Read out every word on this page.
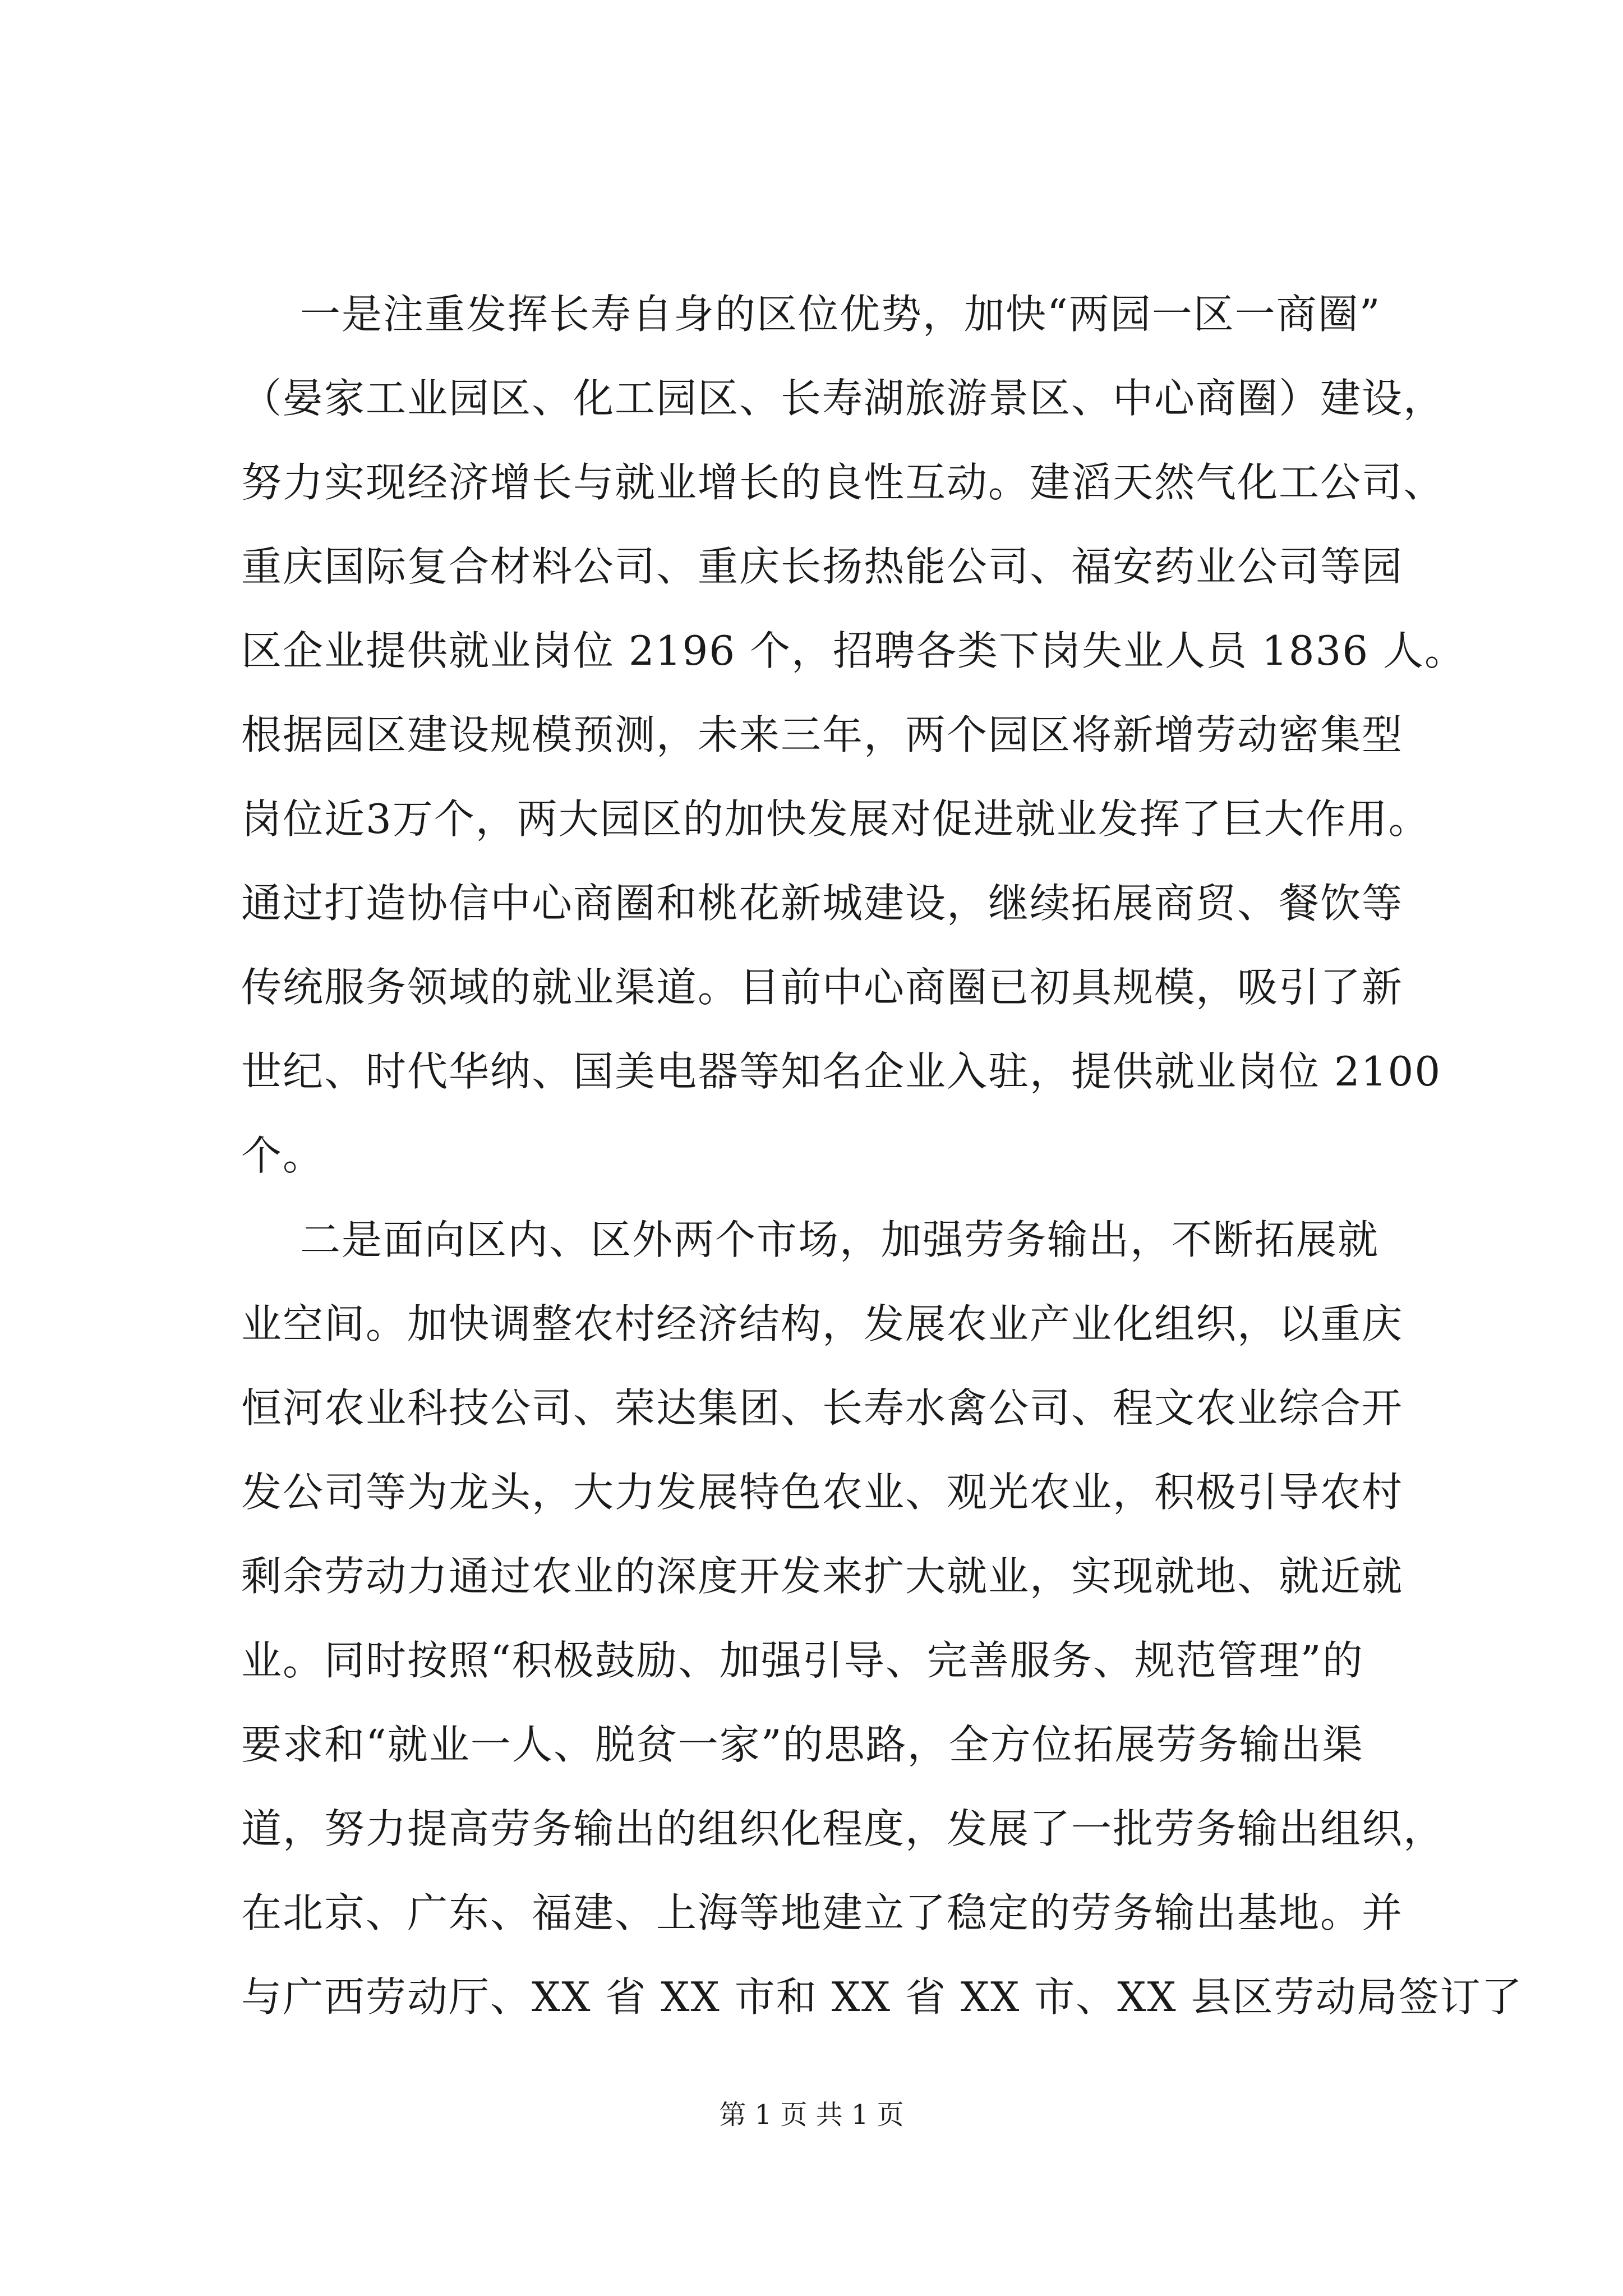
一是注重发挥长寿自身的区位优势，加快“两园一区一商圈”
（晏家工业园区、化工园区、长寿湖旅游景区、中心商圈）建设，
努力实现经济增长与就业增长的良性互动。建滔天然气化工公司、
重庆国际复合材料公司、重庆长扬热能公司、福安药业公司等园
区企业提供就业岗位 2196 个，招聘各类下岗失业人员 1836 人。
根据园区建设规模预测，未来三年，两个园区将新增劳动密集型
岗位近3万个，两大园区的加快发展对促进就业发挥了巨大作用。
通过打造协信中心商圈和桃花新城建设，继续拓展商贸、餐饮等
传统服务领域的就业渠道。目前中心商圈已初具规模，吸引了新
世纪、时代华纳、国美电器等知名企业入驻，提供就业岗位 2100
个。
二是面向区内、区外两个市场，加强劳务输出，不断拓展就
业空间。加快调整农村经济结构，发展农业产业化组织，以重庆
恒河农业科技公司、荣达集团、长寿水禽公司、程文农业综合开
发公司等为龙头，大力发展特色农业、观光农业，积极引导农村
剩余劳动力通过农业的深度开发来扩大就业，实现就地、就近就
业。同时按照“积极鼓励、加强引导、完善服务、规范管理”的
要求和“就业一人、脱贫一家”的思路，全方位拓展劳务输出渠
道，努力提高劳务输出的组织化程度，发展了一批劳务输出组织，
在北京、广东、福建、上海等地建立了稳定的劳务输出基地。并
与广西劳动厅、XX 省 XX 市和 XX 省 XX 市、XX 县区劳动局签订了
第 1 页 共 1 页
